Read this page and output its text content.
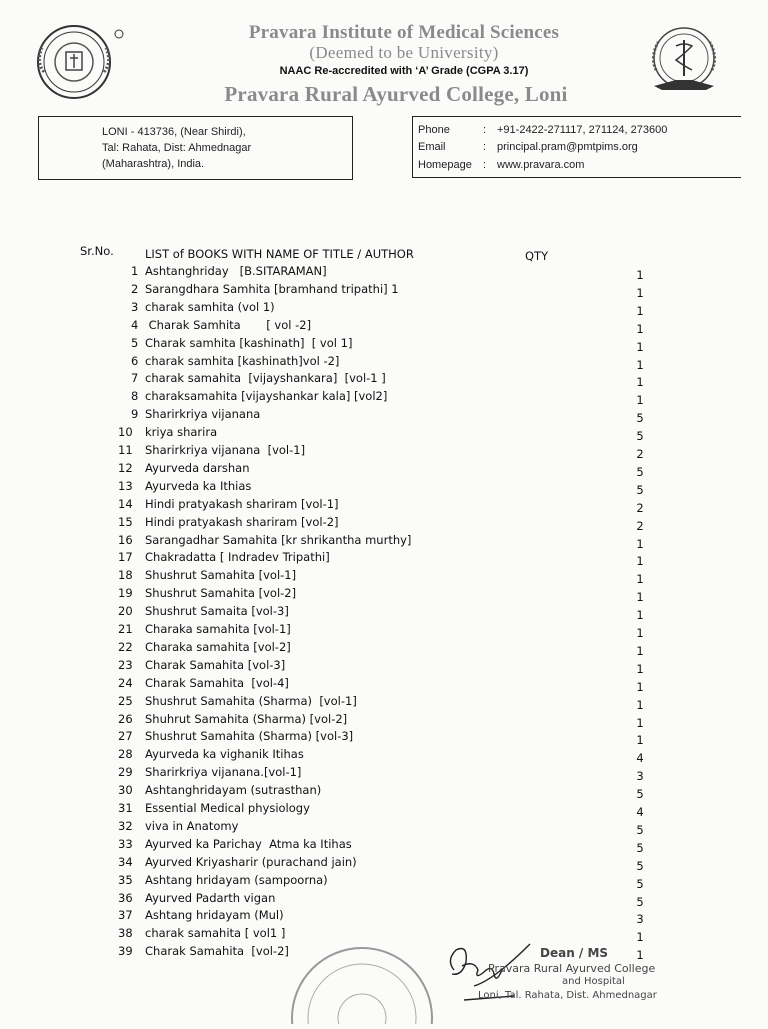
Pravara Institute of Medical Sciences
(Deemed to be University)
NAAC Re-accredited with ‘A’ Grade (CGPA 3.17)
Pravara Rural Ayurved College, Loni
LONI - 413736, (Near Shirdi),
Tal: Rahata, Dist: Ahmednagar
(Maharashtra), India.
Phone	: +91-2422-271117, 271124, 273600
Email	: principal.pram@pmtpims.org
Homepage : www.pravara.com
Sr.No.	LIST of BOOKS WITH NAME OF TITLE / AUTHOR	QTY
1 Ashtanghriday   [B.SITARAMAN]	1
2 Sarangdhara Samhita [bramhand tripathi] 1	1
3 charak samhita (vol 1)	1
4 Charak Samhita       [ vol -2]	1
5 Charak samhita [kashinath]  [ vol 1]	1
6 charak samhita [kashinath]vol -2]	1
7 charak samahita  [vijayshankara]  [vol-1 ]	1
8 charaksamahita [vijayshankar kala] [vol2]	1
9 Sharirkriya vijanana	5
10 kriya sharira	5
11 Sharirkriya vijanana  [vol-1]	2
12 Ayurveda darshan	5
13 Ayurveda ka Ithias	5
14 Hindi pratyakash shariram [vol-1]	2
15 Hindi pratyakash shariram [vol-2]	2
16 Sarangadhar Samahita [kr shrikantha murthy]	1
17 Chakradatta [ Indradev Tripathi]	1
18 Shushrut Samahita [vol-1]	1
19 Shushrut Samahita [vol-2]	1
20 Shushrut Samaita [vol-3]	1
21 Charaka samahita [vol-1]	1
22 Charaka samahita [vol-2]	1
23 Charak Samahita [vol-3]	1
24 Charak Samahita  [vol-4]	1
25 Shushrut Samahita (Sharma)  [vol-1]	1
26 Shuhrut Samahita (Sharma) [vol-2]	1
27 Shushrut Samahita (Sharma) [vol-3]	1
28 Ayurveda ka vighanik Itihas	4
29 Sharirkriya vijanana.[vol-1]	3
30 Ashtanghridayam (sutrasthan)	5
31 Essential Medical physiology	4
32 viva in Anatomy	5
33 Ayurved ka Parichay  Atma ka Itihas	5
34 Ayurved Kriyasharir (purachand jain)	5
35 Ashtang hridayam (sampoorna)	5
36 Ayurved Padarth vigan	5
37 Ashtang hridayam (Mul)	3
38 charak samahita [ vol1 ]	1
39 Charak Samahita  [vol-2]	1
Dean / MS
Pravara Rural Ayurved College
and Hospital
Loni, Tal. Rahata, Dist. Ahmednagar
